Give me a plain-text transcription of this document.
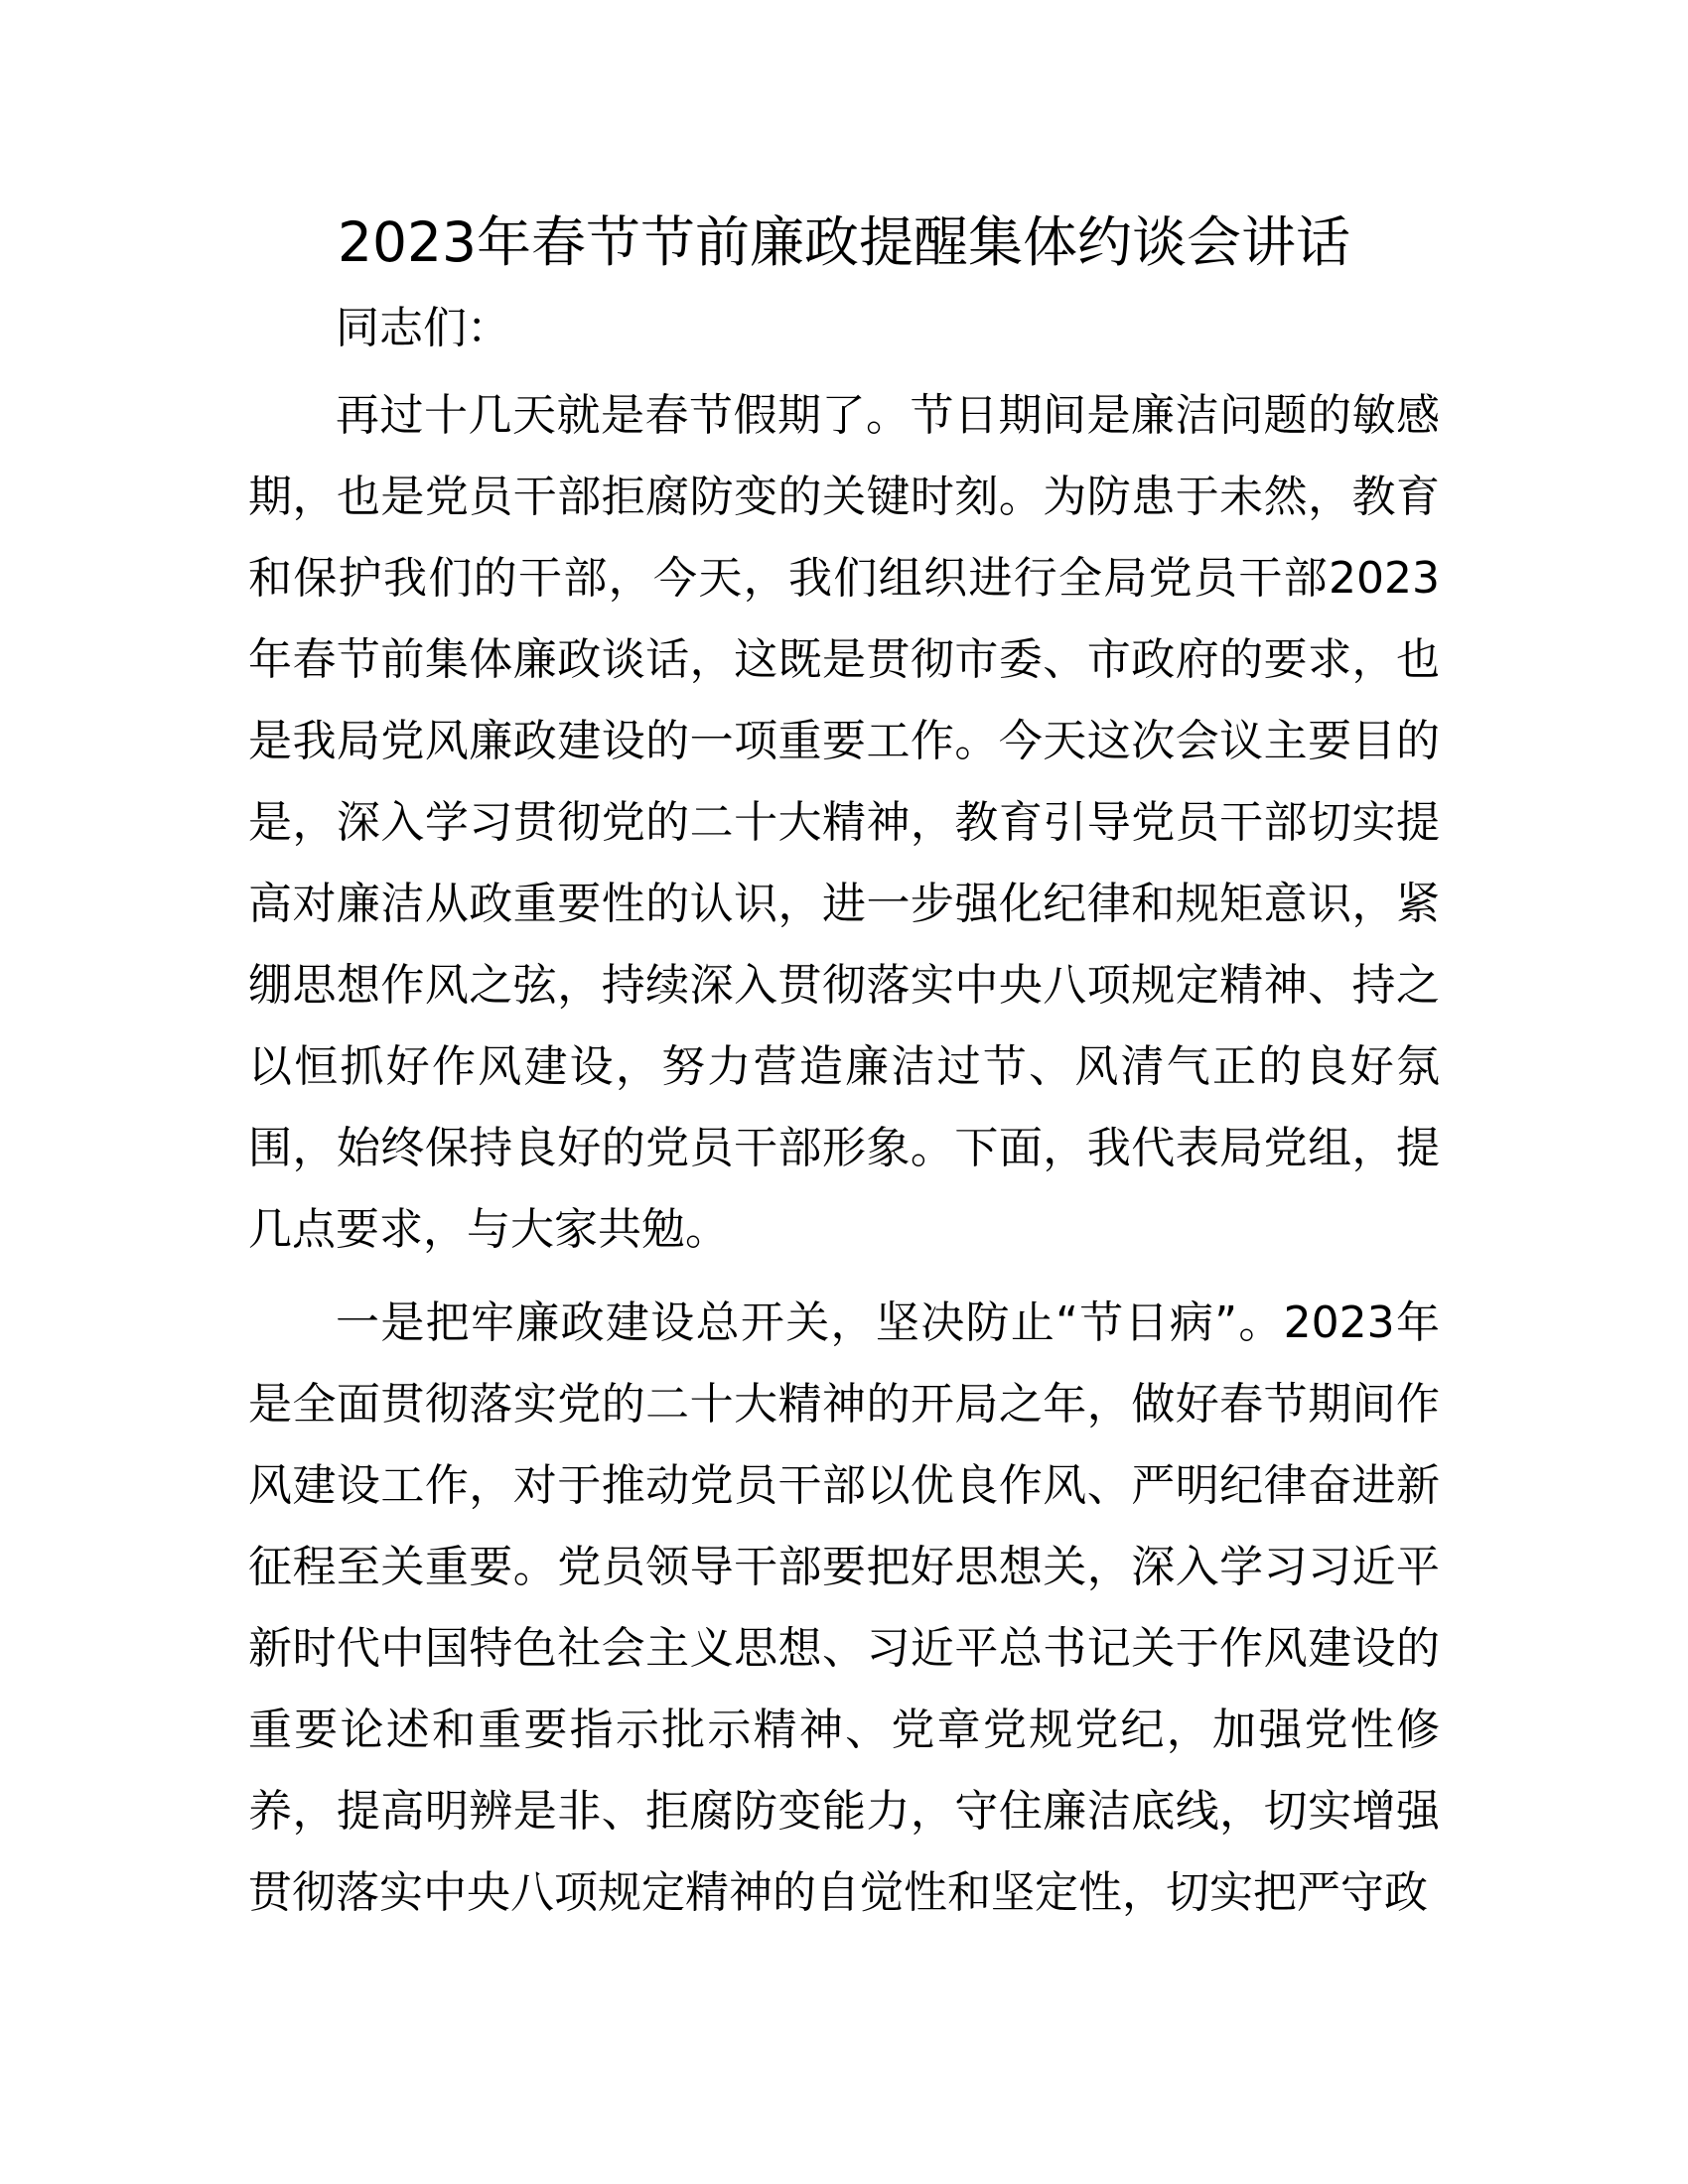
2023年春节节前廉政提醒集体约谈会讲话

同志们：

再过十几天就是春节假期了。节日期间是廉洁问题的敏感期，也是党员干部拒腐防变的关键时刻。为防患于未然，教育和保护我们的干部，今天，我们组织进行全局党员干部2023年春节前集体廉政谈话，这既是贯彻市委、市政府的要求，也是我局党风廉政建设的一项重要工作。今天这次会议主要目的是，深入学习贯彻党的二十大精神，教育引导党员干部切实提高对廉洁从政重要性的认识，进一步强化纪律和规矩意识，紧绷思想作风之弦，持续深入贯彻落实中央八项规定精神、持之以恒抓好作风建设，努力营造廉洁过节、风清气正的良好氛围，始终保持良好的党员干部形象。下面，我代表局党组，提几点要求，与大家共勉。

一是把牢廉政建设总开关，坚决防止“节日病”。2023年是全面贯彻落实党的二十大精神的开局之年，做好春节期间作风建设工作，对于推动党员干部以优良作风、严明纪律奋进新征程至关重要。党员领导干部要把好思想关，深入学习习近平新时代中国特色社会主义思想、习近平总书记关于作风建设的重要论述和重要指示批示精神、党章党规党纪，加强党性修养，提高明辨是非、拒腐防变能力，守住廉洁底线，切实增强贯彻落实中央八项规定精神的自觉性和坚定性，切实把严守政
